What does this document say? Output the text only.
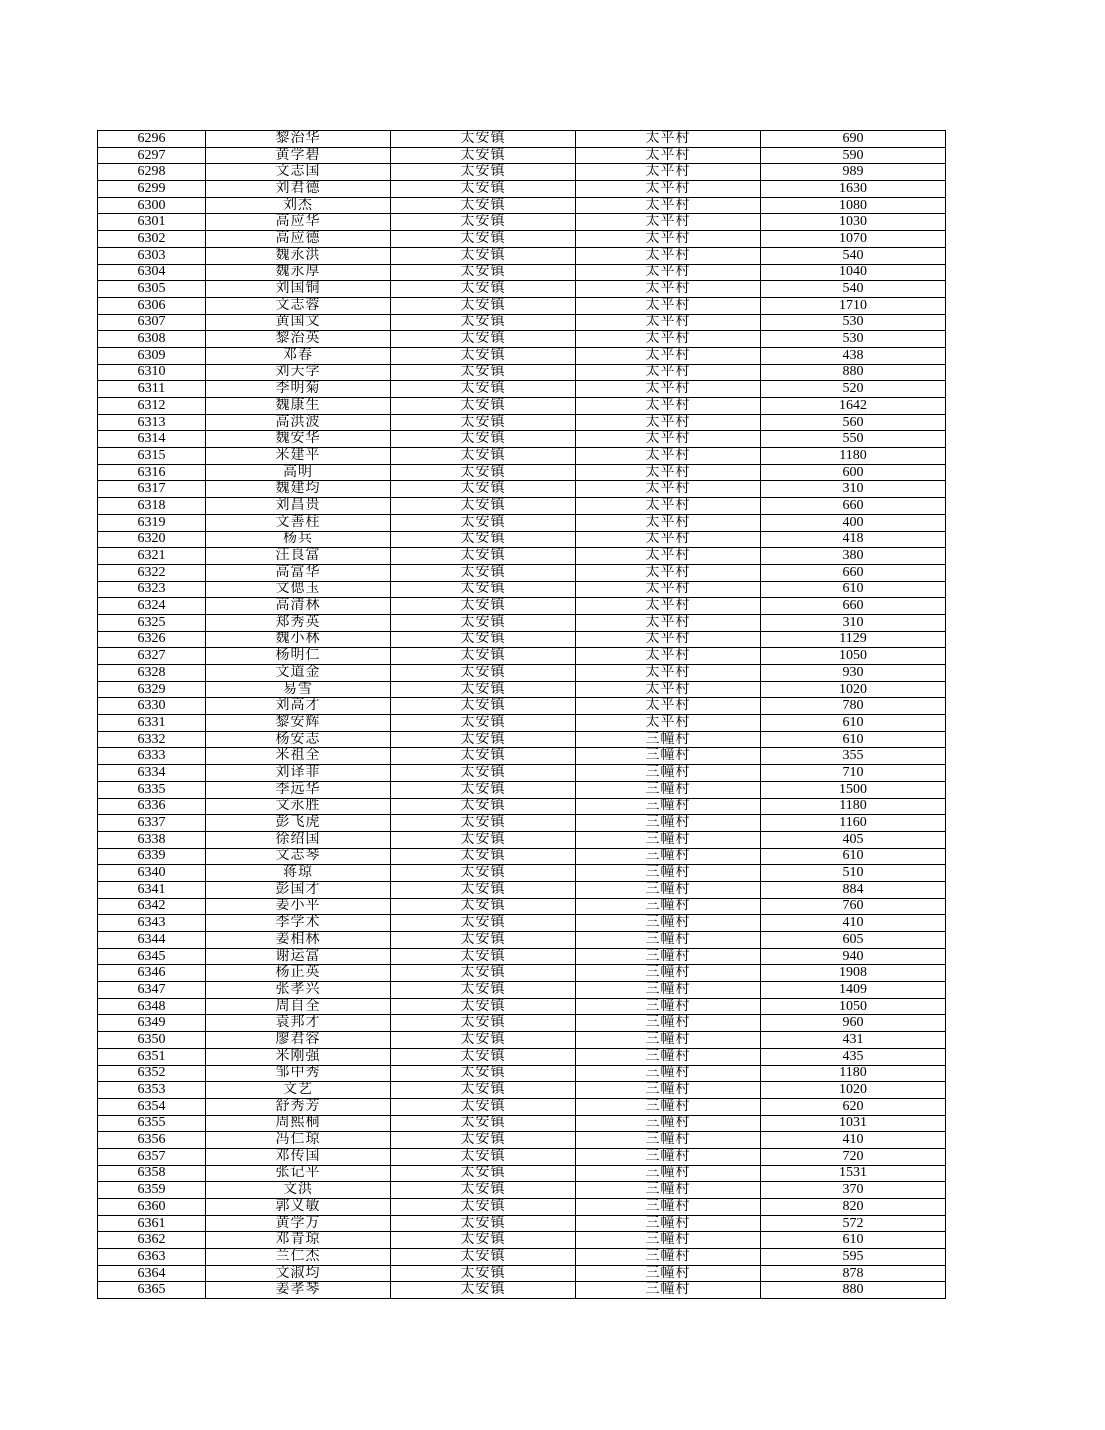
6296	黎治华	太安镇	太平村	690
6297	黄学碧	太安镇	太平村	590
6298	文志国	太安镇	太平村	989
6299	刘君德	太安镇	太平村	1630
6300	刘杰	太安镇	太平村	1080
6301	高应华	太安镇	太平村	1030
6302	高应德	太安镇	太平村	1070
6303	魏永洪	太安镇	太平村	540
6304	魏永厚	太安镇	太平村	1040
6305	刘国铜	太安镇	太平村	540
6306	文志蓉	太安镇	太平村	1710
6307	黄国文	太安镇	太平村	530
6308	黎治英	太安镇	太平村	530
6309	邓春	太安镇	太平村	438
6310	刘天学	太安镇	太平村	880
6311	李明菊	太安镇	太平村	520
6312	魏康生	太安镇	太平村	1642
6313	高洪波	太安镇	太平村	560
6314	魏安华	太安镇	太平村	550
6315	米建平	太安镇	太平村	1180
6316	高明	太安镇	太平村	600
6317	魏建均	太安镇	太平村	310
6318	刘昌贵	太安镇	太平村	660
6319	文善柱	太安镇	太平村	400
6320	杨兵	太安镇	太平村	418
6321	汪良富	太安镇	太平村	380
6322	高富华	太安镇	太平村	660
6323	文偲玉	太安镇	太平村	610
6324	高清林	太安镇	太平村	660
6325	郑秀英	太安镇	太平村	310
6326	魏小林	太安镇	太平村	1129
6327	杨明仁	太安镇	太平村	1050
6328	文道金	太安镇	太平村	930
6329	易雪	太安镇	太平村	1020
6330	刘高才	太安镇	太平村	780
6331	黎安辉	太安镇	太平村	610
6332	杨安志	太安镇	三幢村	610
6333	米祖全	太安镇	三幢村	355
6334	刘译菲	太安镇	三幢村	710
6335	李远华	太安镇	三幢村	1500
6336	文永胜	太安镇	三幢村	1180
6337	彭飞虎	太安镇	三幢村	1160
6338	徐绍国	太安镇	三幢村	405
6339	文志琴	太安镇	三幢村	610
6340	蒋琼	太安镇	三幢村	510
6341	彭国才	太安镇	三幢村	884
6342	姜小平	太安镇	三幢村	760
6343	李学术	太安镇	三幢村	410
6344	姜相林	太安镇	三幢村	605
6345	谢运富	太安镇	三幢村	940
6346	杨正英	太安镇	三幢村	1908
6347	张孝兴	太安镇	三幢村	1409
6348	周自全	太安镇	三幢村	1050
6349	袁邦才	太安镇	三幢村	960
6350	廖君容	太安镇	三幢村	431
6351	米刚强	太安镇	三幢村	435
6352	邹中秀	太安镇	三幢村	1180
6353	文艺	太安镇	三幢村	1020
6354	舒秀芳	太安镇	三幢村	620
6355	周熙桐	太安镇	三幢村	1031
6356	冯仁琼	太安镇	三幢村	410
6357	邓传国	太安镇	三幢村	720
6358	张记平	太安镇	三幢村	1531
6359	文洪	太安镇	三幢村	370
6360	郭义敏	太安镇	三幢村	820
6361	黄学万	太安镇	三幢村	572
6362	邓青琼	太安镇	三幢村	610
6363	兰仁杰	太安镇	三幢村	595
6364	文淑均	太安镇	三幢村	878
6365	姜孝琴	太安镇	三幢村	880
